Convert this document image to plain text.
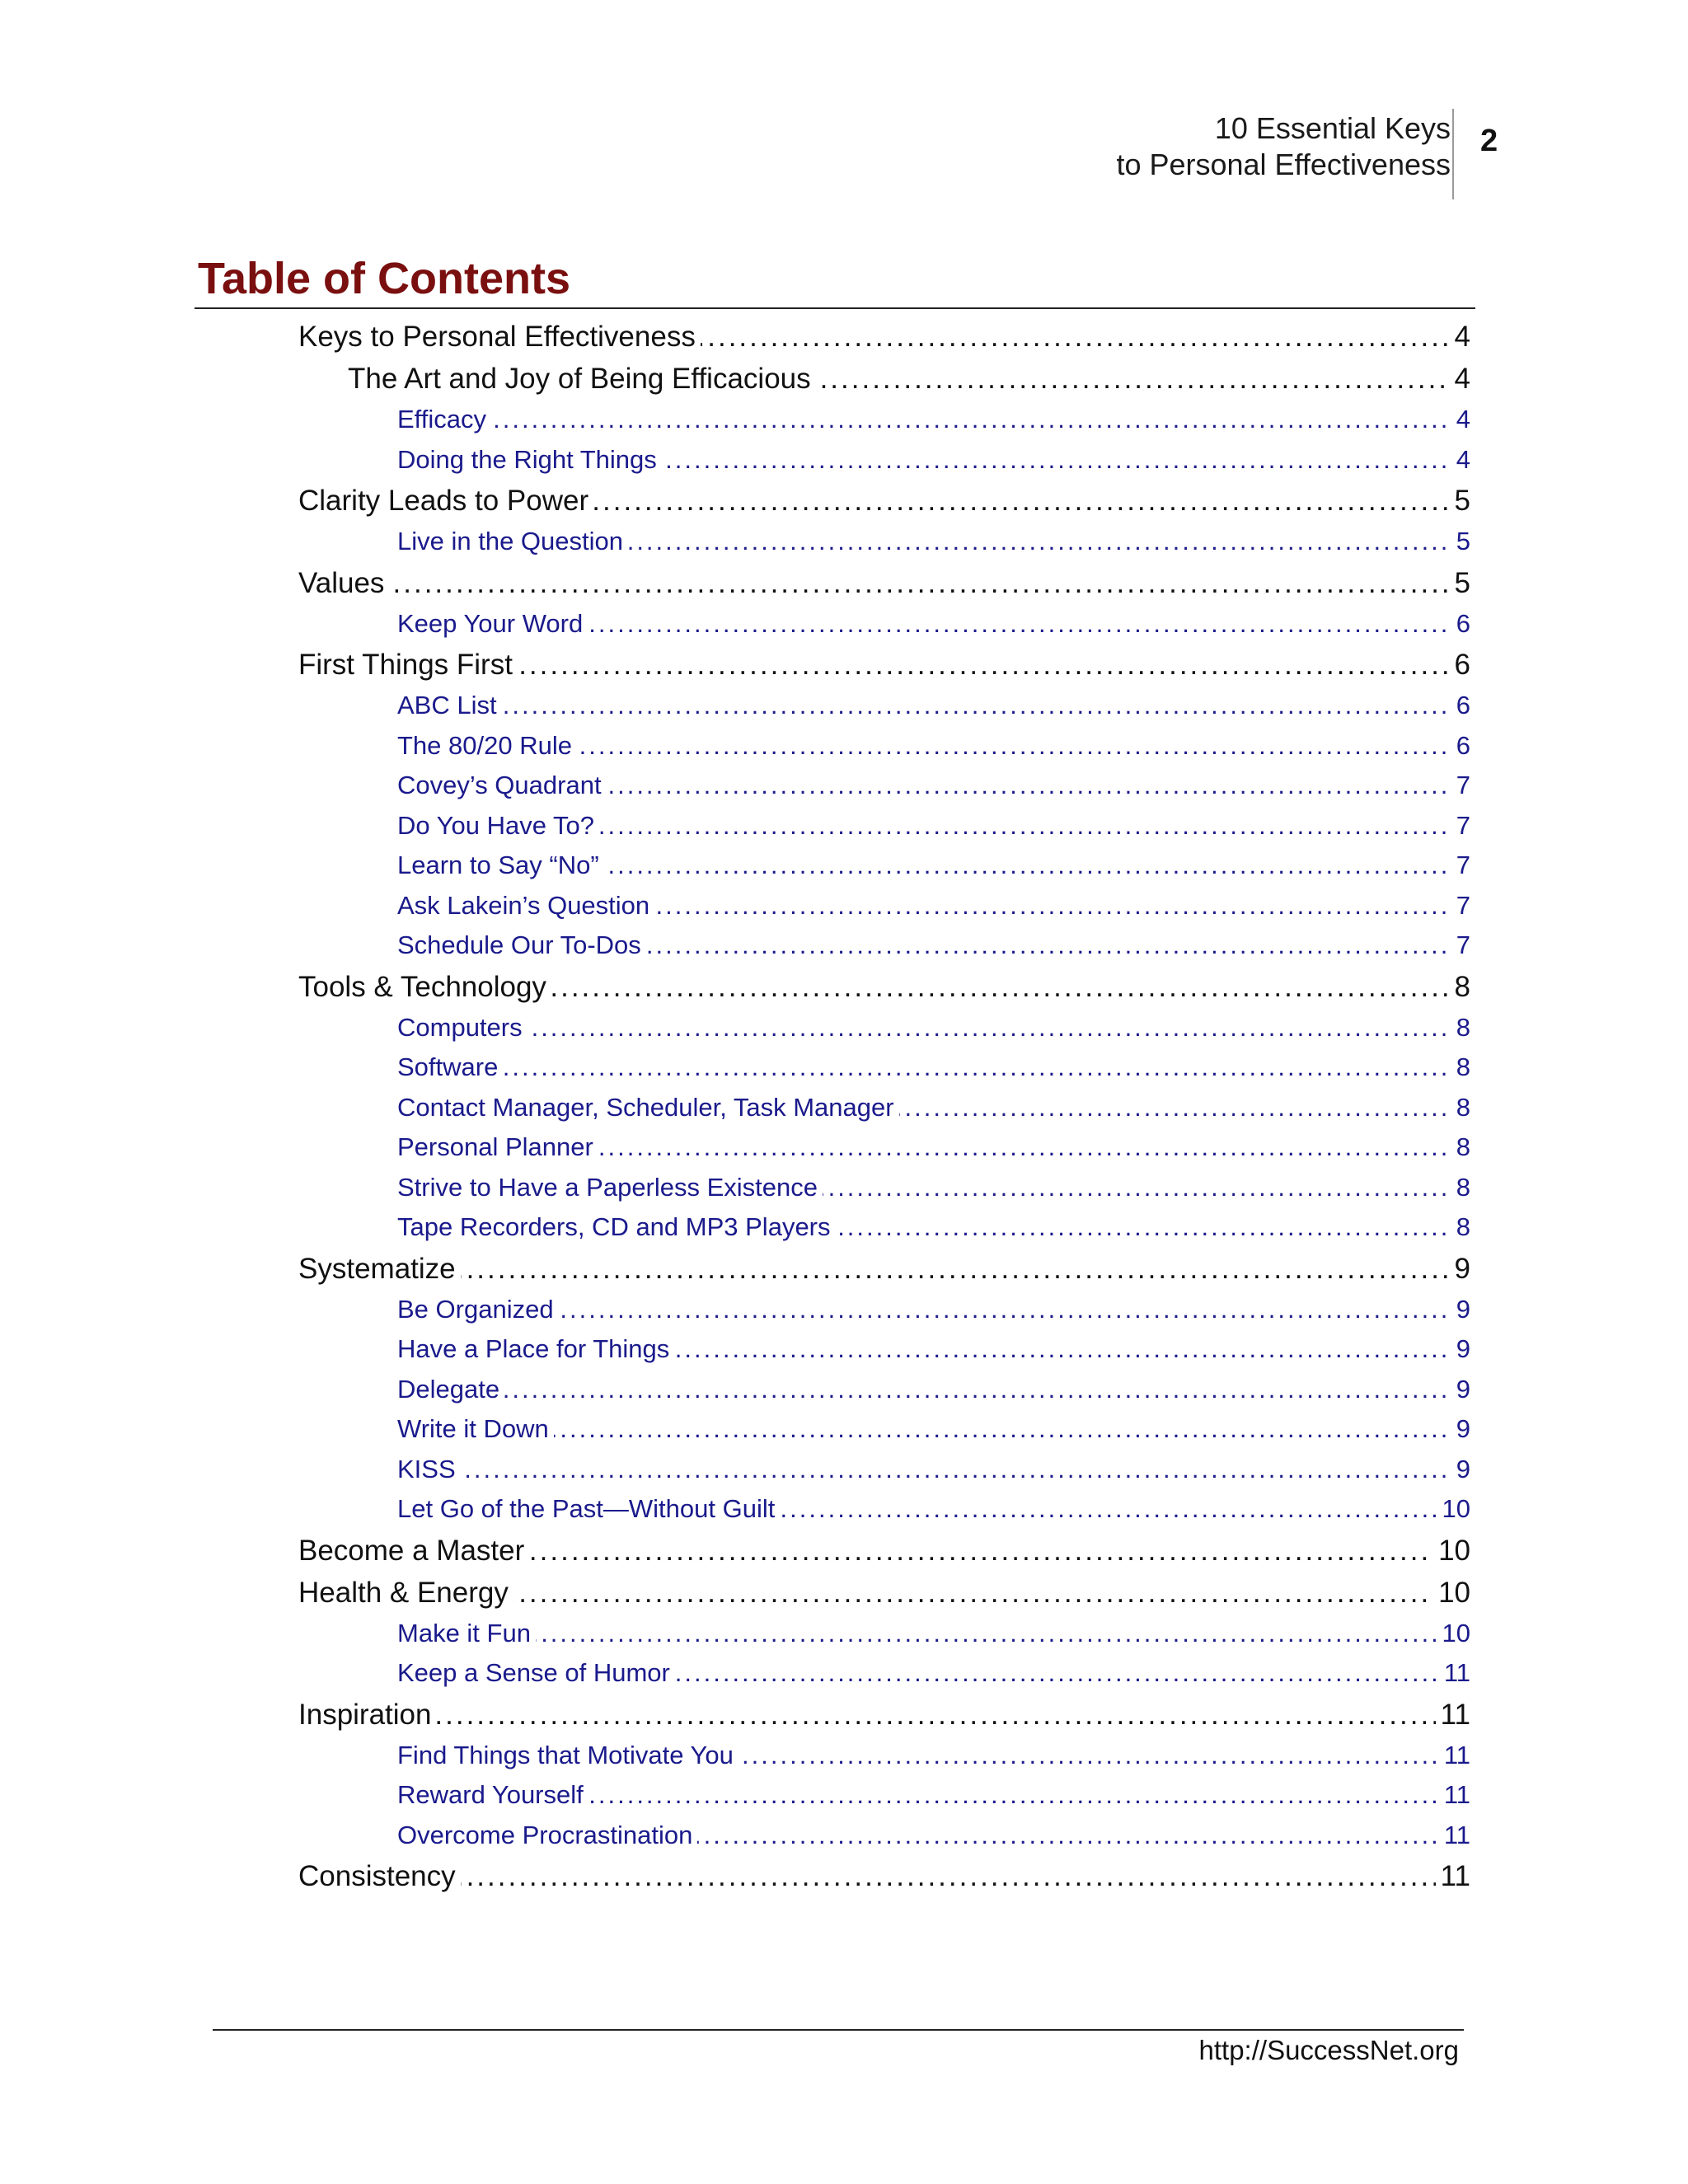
10 Essential Keys
to Personal Effectiveness
2
Table of Contents
.....
Keys to Personal Effectiveness	4
.....
The Art and Joy of Being Efficacious	4
.....
Efficacy	4
.....
Doing the Right Things	4
.....
Clarity Leads to Power	5
.....
Live in the Question	5
.....
Values	5
.....
Keep Your Word	6
.....
First Things First	6
.....
ABC List	6
.....
The 80/20 Rule	6
.....
Covey’s Quadrant	7
.....
Do You Have To?	7
.....
Learn to Say “No”	7
.....
Ask Lakein’s Question	7
.....
Schedule Our To-Dos	7
.....
Tools & Technology	8
.....
Computers	8
.....
Software	8
.....
Contact Manager, Scheduler, Task Manager	8
.....
Personal Planner	8
.....
Strive to Have a Paperless Existence	8
.....
Tape Recorders, CD and MP3 Players	8
.....
Systematize	9
.....
Be Organized	9
.....
Have a Place for Things	9
.....
Delegate	9
.....
Write it Down	9
.....
KISS	9
.....
Let Go of the Past—Without Guilt	10
.....
Become a Master	10
.....
Health & Energy	10
.....
Make it Fun	10
.....
Keep a Sense of Humor	11
.....
Inspiration	11
.....
Find Things that Motivate You	11
.....
Reward Yourself	11
.....
Overcome Procrastination	11
.....
Consistency	11
http://SuccessNet.org
